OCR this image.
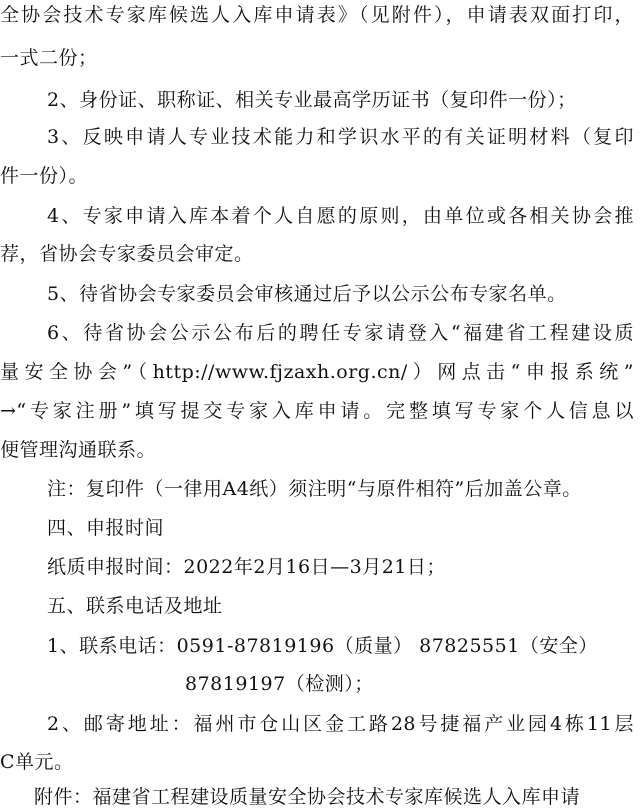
全协会技术专家库候选人入库申请表》（见附件），申请表双面打印，
一式二份；
2、身份证、职称证、相关专业最高学历证书（复印件一份）；
3、反映申请人专业技术能力和学识水平的有关证明材料（复印
件一份）。
4、专家申请入库本着个人自愿的原则，由单位或各相关协会推
荐，省协会专家委员会审定。
5、待省协会专家委员会审核通过后予以公示公布专家名单。
6、待省协会公示公布后的聘任专家请登入“福建省工程建设质
量安全协会”（http://www.fjzaxh.org.cn/）网点击“申报系统”
→“专家注册”填写提交专家入库申请。完整填写专家个人信息以
便管理沟通联系。
注：复印件（一律用A4纸）须注明“与原件相符”后加盖公章。
四、申报时间
纸质申报时间：2022年2月16日—3月21日；
五、联系电话及地址
1、联系电话：0591-87819196（质量） 87825551（安全）
87819197（检测）；
2、邮寄地址：福州市仓山区金工路28号捷福产业园4栋11层
C单元。
附件：福建省工程建设质量安全协会技术专家库候选人入库申请
